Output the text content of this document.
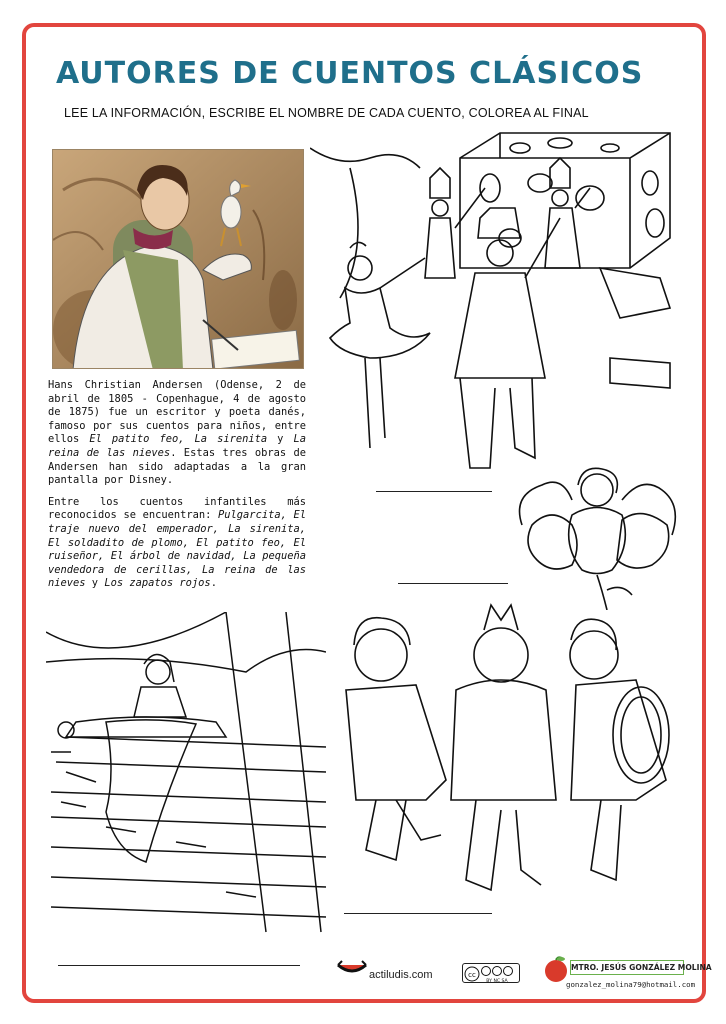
AUTORES DE CUENTOS CLÁSICOS
LEE LA INFORMACIÓN, ESCRIBE EL NOMBRE DE CADA CUENTO, COLOREA AL FINAL

Hans Christian Andersen (Odense, 2 de abril de 1805 - Copenhague, 4 de agosto de 1875) fue un escritor y poeta danés, famoso por sus cuentos para niños, entre ellos El patito feo, La sirenita y La reina de las nieves. Estas tres obras de Andersen han sido adaptadas a la gran pantalla por Disney.

Entre los cuentos infantiles más reconocidos se encuentran: Pulgarcita, El traje nuevo del emperador, La sirenita, El soldadito de plomo, El patito feo, El ruiseñor, El árbol de navidad, La pequeña vendedora de cerillas, La reina de las nieves y Los zapatos rojos.

actiludis.com	cc
BY NC SA
MTRO. JESÚS GONZÁLEZ MOLINA
gonzalez_molina79@hotmail.com
